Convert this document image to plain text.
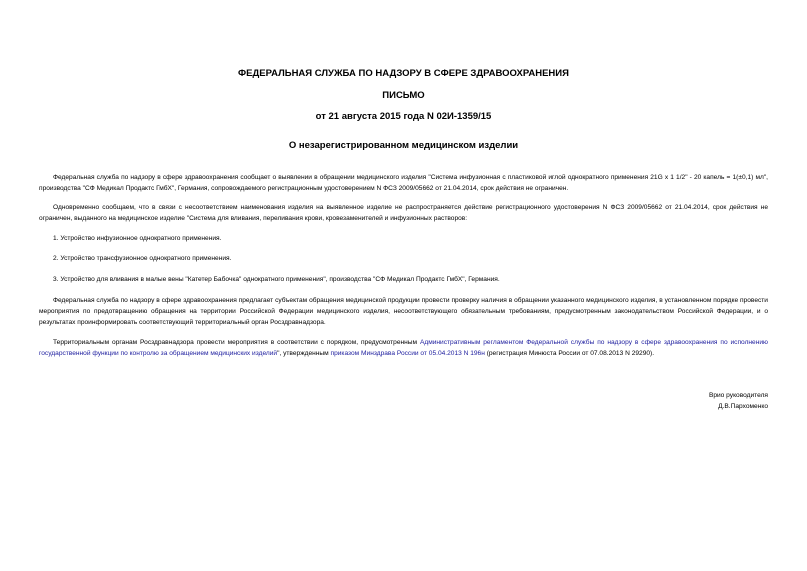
ФЕДЕРАЛЬНАЯ СЛУЖБА ПО НАДЗОРУ В СФЕРЕ ЗДРАВООХРАНЕНИЯ
ПИСЬМО
от 21 августа 2015 года N 02И-1359/15
О незарегистрированном медицинском изделии
Федеральная служба по надзору в сфере здравоохранения сообщает о выявлении в обращении медицинского изделия "Система инфузионная с пластиковой иглой однократного применения 21G x 1 1/2" - 20 капель = 1(±0,1) мл", производства "СФ Медикал Продактс ГмбХ", Германия, сопровождаемого регистрационным удостоверением N ФСЗ 2009/05662 от 21.04.2014, срок действия не ограничен.
Одновременно сообщаем, что в связи с несоответствием наименования изделия на выявленное изделие не распространяется действие регистрационного удостоверения N ФСЗ 2009/05662 от 21.04.2014, срок действия не ограничен, выданного на медицинское изделие "Система для вливания, переливания крови, кровезаменителей и инфузионных растворов:
1. Устройство инфузионное однократного применения.
2. Устройство трансфузионное однократного применения.
3. Устройство для вливания в малые вены "Катетер Бабочка" однократного применения", производства "СФ Медикал Продактс ГмбХ", Германия.
Федеральная служба по надзору в сфере здравоохранения предлагает субъектам обращения медицинской продукции провести проверку наличия в обращении указанного медицинского изделия, в установленном порядке провести мероприятия по предотвращению обращения на территории Российской Федерации медицинского изделия, несоответствующего обязательным требованиям, предусмотренным законодательством Российской Федерации, и о результатах проинформировать соответствующий территориальный орган Росздравнадзора.
Территориальным органам Росздравнадзора провести мероприятия в соответствии с порядком, предусмотренным Административным регламентом Федеральной службы по надзору в сфере здравоохранения по исполнению государственной функции по контролю за обращением медицинских изделий", утвержденным приказом Минздрава России от 05.04.2013 N 196н (регистрация Минюста России от 07.08.2013 N 29290).
Врио руководителя
Д.В.Пархоменко
